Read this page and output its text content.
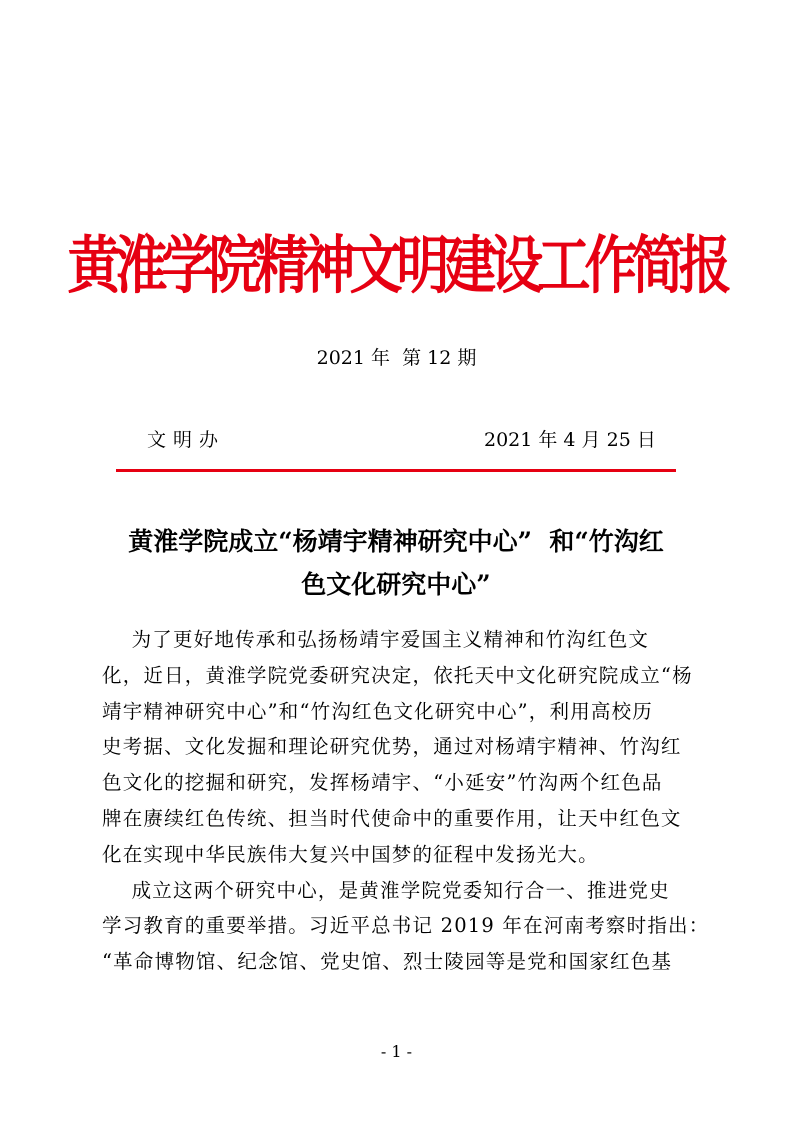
黄淮学院精神文明建设工作简报
2021 年  第 12 期
文明办	2021 年 4 月 25 日
黄淮学院成立“杨靖宇精神研究中心”  和“竹沟红
色文化研究中心”

为了更好地传承和弘扬杨靖宇爱国主义精神和竹沟红色文

化，近日，黄淮学院党委研究决定，依托天中文化研究院成立“杨

靖宇精神研究中心”和“竹沟红色文化研究中心”，利用高校历

史考据、文化发掘和理论研究优势，通过对杨靖宇精神、竹沟红

色文化的挖掘和研究，发挥杨靖宇、“小延安”竹沟两个红色品

牌在赓续红色传统、担当时代使命中的重要作用，让天中红色文

化在实现中华民族伟大复兴中国梦的征程中发扬光大。

成立这两个研究中心，是黄淮学院党委知行合一、推进党史

学习教育的重要举措。习近平总书记 2019 年在河南考察时指出：

“革命博物馆、纪念馆、党史馆、烈士陵园等是党和国家红色基

- 1 -
